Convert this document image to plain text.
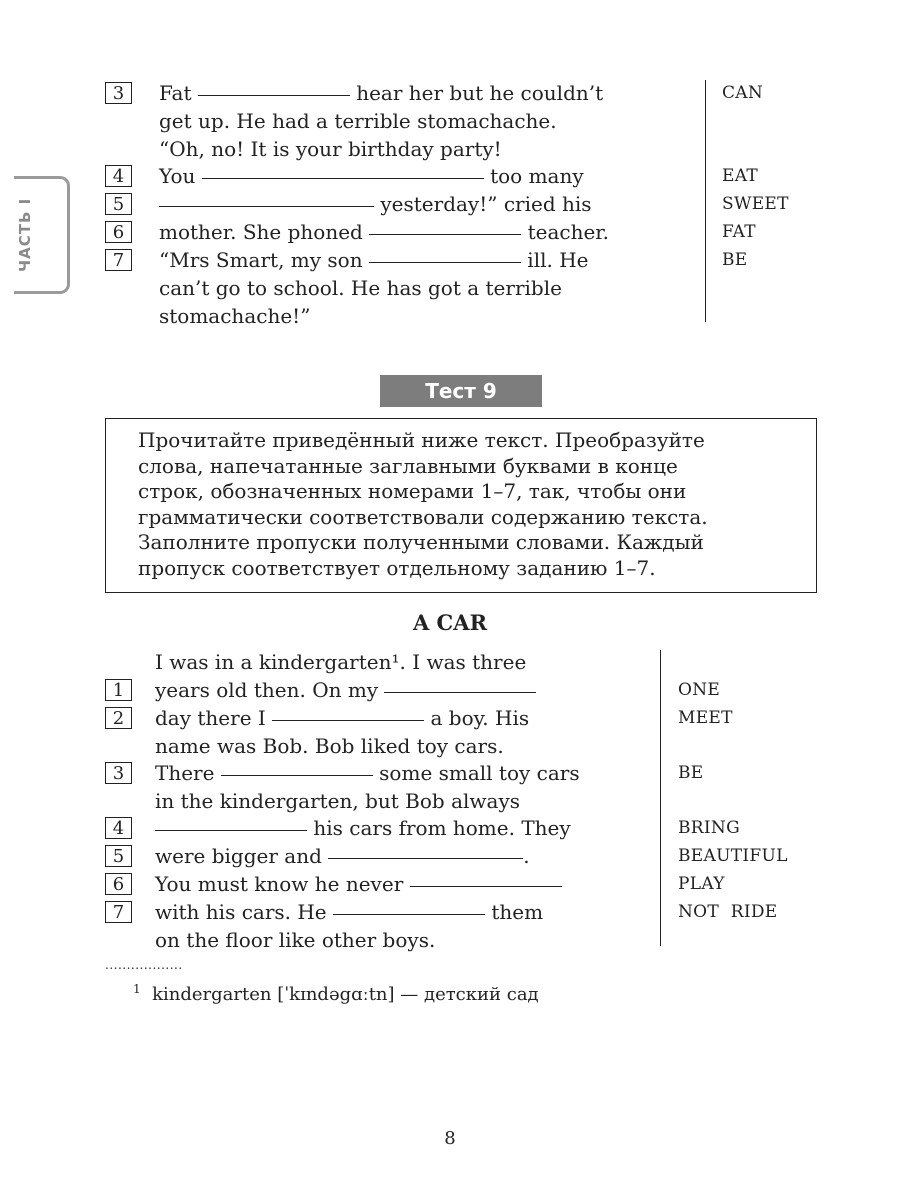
ЧАСТЬ I
3	Fat	hear her but he couldn’t
get up. He had a terrible stomachache.
“Oh, no! It is your birthday party!
4	You	too many
5	yesterday!” cried his
6	mother. She phoned	teacher.
7	“Mrs Smart, my son	ill. He
can’t go to school. He has got a terrible
stomachache!”
CAN
EAT
SWEET
FAT
BE
Тест 9
Прочитайте приведённый ниже текст. Преобразуйте
слова, напечатанные заглавными буквами в конце
строк, обозначенных номерами 1–7, так, чтобы они
грамматически соответствовали содержанию текста.
Заполните пропуски полученными словами. Каждый
пропуск соответствует отдельному заданию 1–7.
A CAR
I was in a kindergarten¹. I was three
1	years old then. On my
2	day there I	a boy. His
name was Bob. Bob liked toy cars.
3	There	some small toy cars
in the kindergarten, but Bob always
4	his cars from home. They
5	were bigger and	.
6	You must know he never
7	with his cars. He	them
on the floor like other boys.
ONE
MEET
BE
BRING
BEAUTIFUL
PLAY
NOT RIDE
..................
$^1$ kindergarten [ˈkɪndəgɑːtn] — детский сад
8
